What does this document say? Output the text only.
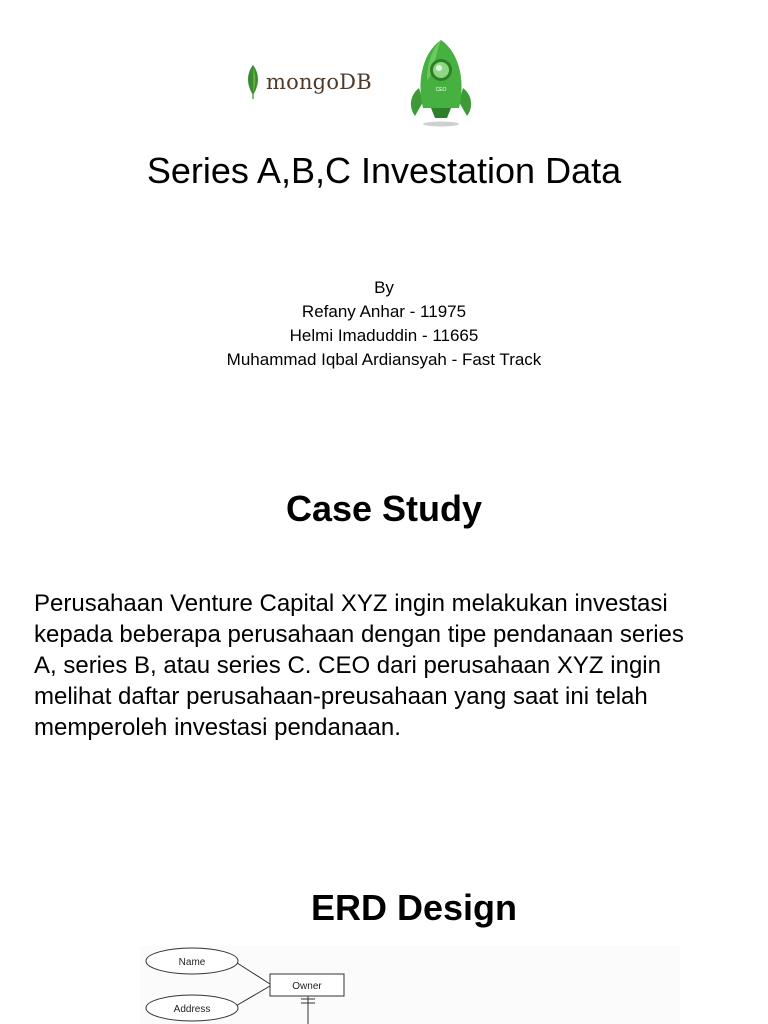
mongoDB	CEO
Series A,B,C Investation Data
By
Refany Anhar - 11975
Helmi Imaduddin - 11665
Muhammad Iqbal Ardiansyah - Fast Track
Case Study
Perusahaan Venture Capital XYZ ingin melakukan investasi
kepada beberapa perusahaan dengan tipe pendanaan series
A, series B, atau series C. CEO dari perusahaan XYZ ingin
melihat daftar perusahaan-preusahaan yang saat ini telah
memperoleh investasi pendanaan.
ERD Design
Name
Address
Owner
